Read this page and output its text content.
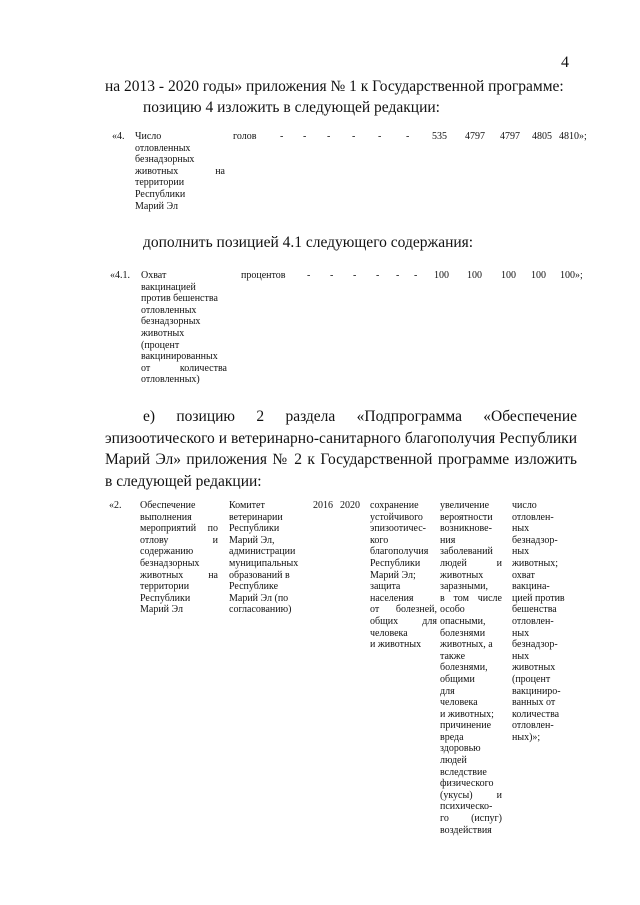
4
на 2013 - 2020 годы» приложения № 1 к Государственной программе:
позицию 4 изложить в следующей редакции:
«4. Число
отловленных
безнадзорных
животных	на
территории
Республики
Марий Эл
голов - - - - - - 535 4797 4797 4805 4810»;
дополнить позицией 4.1 следующего содержания:
«4.1. Охват
вакцинацией
против бешенства
отловленных
безнадзорных
животных
(процент
вакцинированных
от	количества
отловленных)
процентов - - - - - - 100 100 100 100 100»;
е) позицию 2 раздела «Подпрограмма «Обеспечение
эпизоотического и ветеринарно-санитарного благополучия Республики
Марий Эл» приложения № 2 к Государственной программе изложить
в следующей редакции:
«2. Обеспечение
выполнения
мероприятий по
отлову и
содержанию
безнадзорных
животных на
территории
Республики
Марий Эл
Комитет
ветеринарии
Республики
Марий Эл,
администрации
муниципальных
образований в
Республике
Марий Эл (по
согласованию)
2016 2020 сохранение
устойчивого
эпизоотичес-
кого
благополучия
Республики
Марий Эл;
защита
населения
от болезней,
общих для
человека
и животных
увеличение
вероятности
возникнове-
ния
заболеваний
людей и
животных
заразными,
в том числе
особо
опасными,
болезнями
животных, а
также
болезнями,
общими
для
человека
и животных;
причинение
вреда
здоровью
людей
вследствие
физического
(укусы) и
психическо-
го (испуг)
воздействия
число
отловлен-
ных
безнадзор-
ных
животных;
охват
вакцина-
цией против
бешенства
отловлен-
ных
безнадзор-
ных
животных
(процент
вакциниро-
ванных от
количества
отловлен-
ных)»;
